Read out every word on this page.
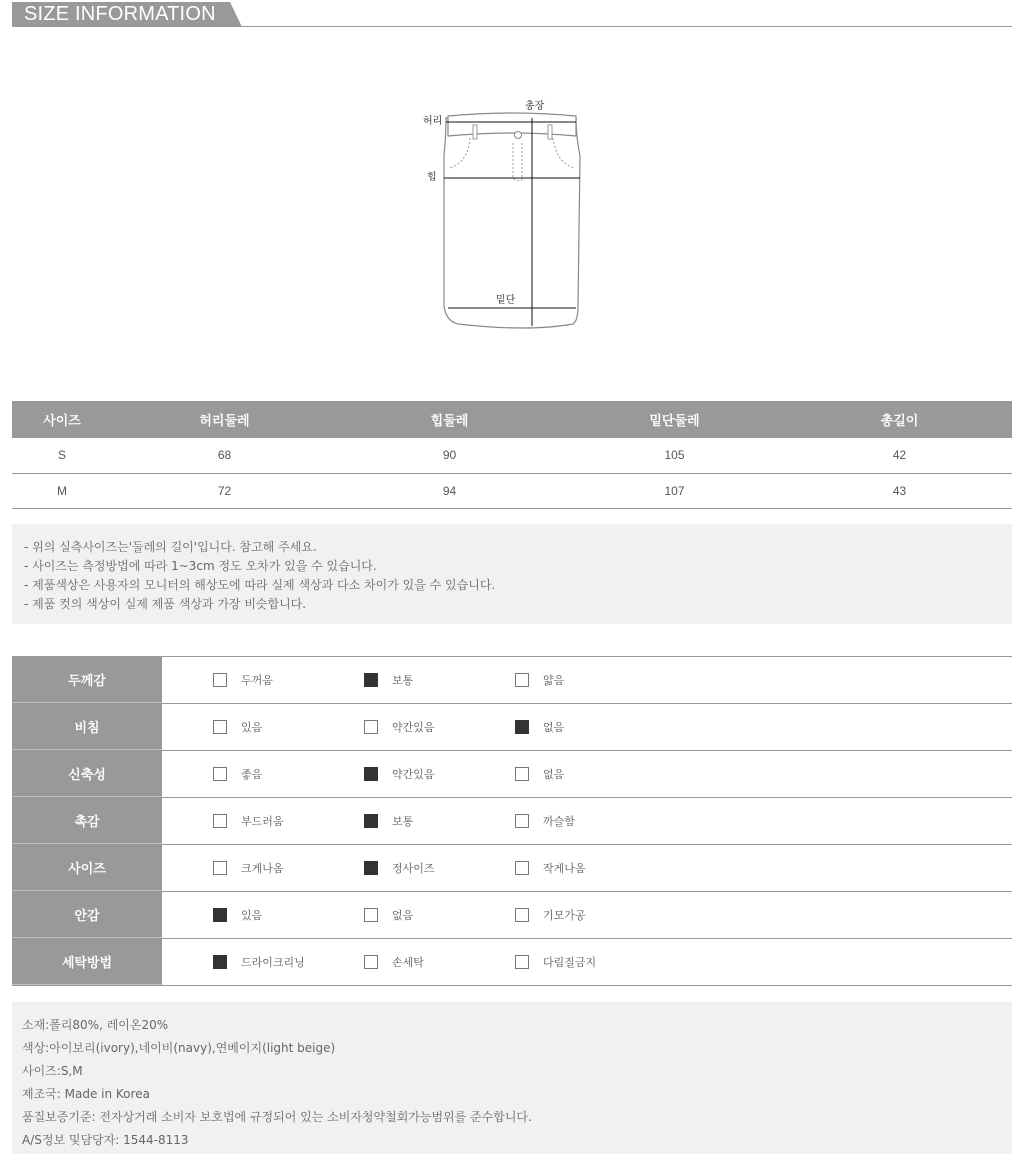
SIZE INFORMATION
허리
총장
힙
밑단
사이즈	허리둘레	힙둘레	밑단둘레	총길이
S	68	90	105	42
M	72	94	107	43
- 위의 실측사이즈는'둘레의 길이'입니다. 참고해 주세요.
- 사이즈는 측정방법에 따라 1~3cm 정도 오차가 있을 수 있습니다.
- 제품색상은 사용자의 모니터의 해상도에 따라 실제 색상과 다소 차이가 있을 수 있습니다.
- 제품 컷의 색상이 실제 제품 색상과 가장 비슷합니다.
두께감	두꺼움	보통	얇음
비침	있음	약간있음	없음
신축성	좋음	약간있음	없음
촉감	부드러움	보통	까슬함
사이즈	크게나옴	정사이즈	작게나옴
안감	있음	없음	기모가공
세탁방법	드라이크리닝	손세탁	다림질금지
소재:폴리80%, 레이온20%
색상:아이보리(ivory),네이비(navy),연베이지(light beige)
사이즈:S,M
제조국: Made in Korea
품질보증기준: 전자상거래 소비자 보호법에 규정되어 있는 소비자청약철회가능범위를 준수합니다.
A/S정보 및담당자: 1544-8113
